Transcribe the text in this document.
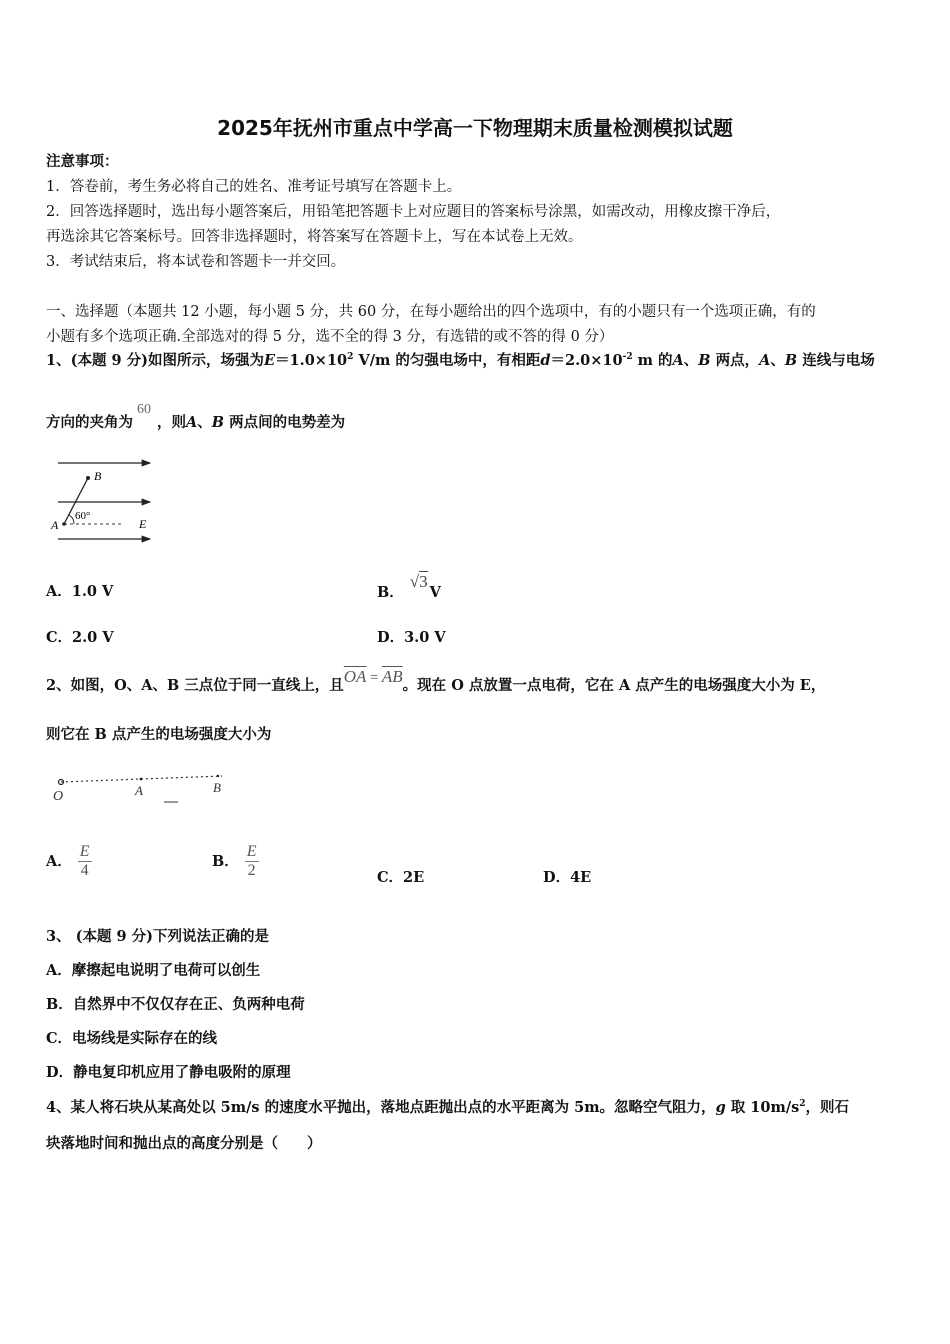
2025年抚州市重点中学高一下物理期末质量检测模拟试题
注意事项：
1．答卷前，考生务必将自己的姓名、准考证号填写在答题卡上。
2．回答选择题时，选出每小题答案后，用铅笔把答题卡上对应题目的答案标号涂黑，如需改动，用橡皮擦干净后，
再选涂其它答案标号。回答非选择题时，将答案写在答题卡上，写在本试卷上无效。
3．考试结束后，将本试卷和答题卡一并交回。
一、选择题（本题共 12 小题，每小题 5 分，共 60 分，在每小题给出的四个选项中，有的小题只有一个选项正确，有的
小题有多个选项正确.全部选对的得 5 分，选不全的得 3 分，有选错的或不答的得 0 分）
1、(本题 9 分)如图所示，场强为$E=1.0\times 10^2$ V/m 的匀强电场中，有相距$d=2.0\times 10^{-2}$ m 的A、B 两点，A、B 连线与电场
方向的夹角为60，则A、B 两点间的电势差为
B
A	E
60°
A．1.0 V	B．√3V
C．2.0 V	D．3.0 V
2、如图，O、A、B 三点位于同一直线上，且$\overline{OA} = \overline{AB}$。现在 O 点放置一点电荷，它在 A 点产生的电场强度大小为 E，
则它在 B 点产生的电场强度大小为
O	A	B
A． $\frac{E}{4}$	B． $\frac{E}{2}$	C．2E	D．4E
3、 (本题 9 分)下列说法正确的是
A．摩擦起电说明了电荷可以创生
B．自然界中不仅仅存在正、负两种电荷
C．电场线是实际存在的线
D．静电复印机应用了静电吸附的原理
4、某人将石块从某高处以 5m/s 的速度水平抛出，落地点距抛出点的水平距离为 5m。忽略空气阻力，g 取 $10m/s^2$，则石
块落地时间和抛出点的高度分别是（　　）
